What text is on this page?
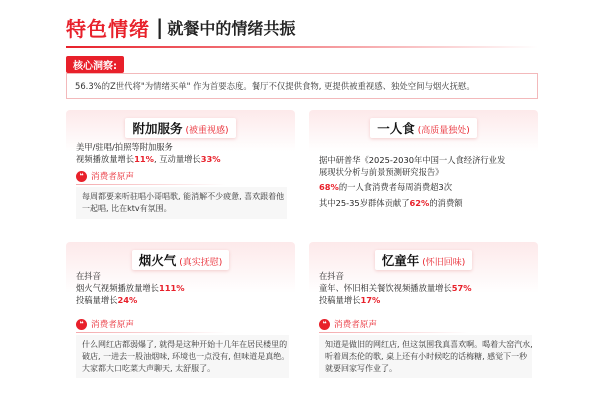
特色情绪 | 就餐中的情绪共振
核心洞察:
56.3%的Z世代将"为情绪买单" 作为首要态度。餐厅不仅提供食物, 更提供被重视感、独处空间与烟火抚慰。
附加服务 (被重视感)
美甲/驻唱/拍照等附加服务
视频播放量增长11%, 互动量增长33%
❝ 消费者原声
每周都要来听驻唱小哥唱歌, 能消解不少疲惫, 喜欢跟着他
一起唱, 比在ktv有氛围。
一人食 (高质量独处)
据中研普华《2025-2030年中国一人食经济行业发
展现状分析与前景预测研究报告》
68%的一人食消费者每周消费超3次
其中25-35岁群体贡献了62%的消费额
烟火气 (真实抚慰)
在抖音
烟火气视频播放量增长111%
投稿量增长24%
❝ 消费者原声
什么网红店都弱爆了, 就得是这种开始十几年在居民楼里的
破店, 一进去一股油烟味, 环境也一点没有, 但味道是真绝。
大家都大口吃菜大声聊天, 太舒服了。
忆童年 (怀旧回味)
在抖音
童年、怀旧相关餐饮视频播放量增长57%
投稿量增长17%
❝ 消费者原声
知道是做旧的网红店, 但这氛围我真喜欢啊。喝着大窑汽水,
听着周杰伦的歌, 桌上还有小时候吃的话梅糖, 感觉下一秒
就要回家写作业了。
